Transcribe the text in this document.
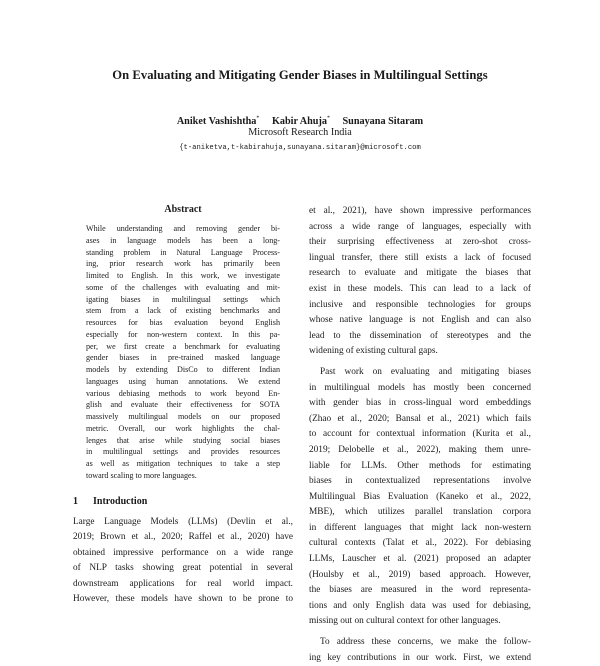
On Evaluating and Mitigating Gender Biases in Multilingual Settings
Aniket Vashishtha* Kabir Ahuja* Sunayana Sitaram
Microsoft Research India
{t-aniketva,t-kabirahuja,sunayana.sitaram}@microsoft.com
Abstract
While understanding and removing gender bi-
ases in language models has been a long-
standing problem in Natural Language Process-
ing, prior research work has primarily been
limited to English. In this work, we investigate
some of the challenges with evaluating and mit-
igating biases in multilingual settings which
stem from a lack of existing benchmarks and
resources for bias evaluation beyond English
especially for non-western context. In this pa-
per, we first create a benchmark for evaluating
gender biases in pre-trained masked language
models by extending DisCo to different Indian
languages using human annotations. We extend
various debiasing methods to work beyond En-
glish and evaluate their effectiveness for SOTA
massively multilingual models on our proposed
metric. Overall, our work highlights the chal-
lenges that arise while studying social biases
in multilingual settings and provides resources
as well as mitigation techniques to take a step
toward scaling to more languages.
1 Introduction
Large Language Models (LLMs) (Devlin et al.,
2019; Brown et al., 2020; Raffel et al., 2020) have
obtained impressive performance on a wide range
of NLP tasks showing great potential in several
downstream applications for real world impact.
However, these models have shown to be prone to
et al., 2021), have shown impressive performances
across a wide range of languages, especially with
their surprising effectiveness at zero-shot cross-
lingual transfer, there still exists a lack of focused
research to evaluate and mitigate the biases that
exist in these models. This can lead to a lack of
inclusive and responsible technologies for groups
whose native language is not English and can also
lead to the dissemination of stereotypes and the
widening of existing cultural gaps.
Past work on evaluating and mitigating biases
in multilingual models has mostly been concerned
with gender bias in cross-lingual word embeddings
(Zhao et al., 2020; Bansal et al., 2021) which fails
to account for contextual information (Kurita et al.,
2019; Delobelle et al., 2022), making them unre-
liable for LLMs. Other methods for estimating
biases in contextualized representations involve
Multilingual Bias Evaluation (Kaneko et al., 2022,
MBE), which utilizes parallel translation corpora
in different languages that might lack non-western
cultural contexts (Talat et al., 2022). For debiasing
LLMs, Lauscher et al. (2021) proposed an adapter
(Houlsby et al., 2019) based approach. However,
the biases are measured in the word representa-
tions and only English data was used for debiasing,
missing out on cultural context for other languages.
To address these concerns, we make the follow-
ing key contributions in our work. First, we extend
